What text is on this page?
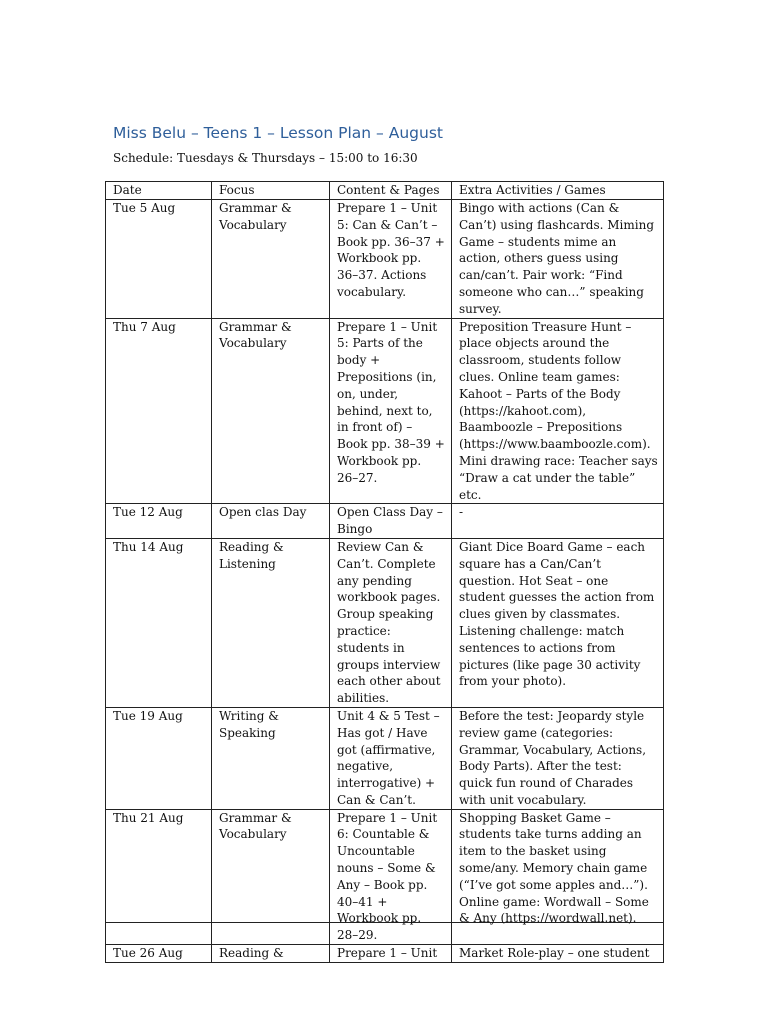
Miss Belu – Teens 1 – Lesson Plan – August

Schedule: Tuesdays & Thursdays – 15:00 to 16:30

Date	Focus	Content & Pages	Extra Activities / Games
Tue 5 Aug	Grammar & Vocabulary	Prepare 1 – Unit 5: Can & Can’t – Book pp. 36–37 + Workbook pp. 36–37. Actions vocabulary.	Bingo with actions (Can & Can’t) using flashcards. Miming Game – students mime an action, others guess using can/can’t. Pair work: “Find someone who can…” speaking survey.
Thu 7 Aug	Grammar & Vocabulary	Prepare 1 – Unit 5: Parts of the body + Prepositions (in, on, under, behind, next to, in front of) – Book pp. 38–39 + Workbook pp. 26–27.	Preposition Treasure Hunt – place objects around the classroom, students follow clues. Online team games: Kahoot – Parts of the Body (https://kahoot.com), Baamboozle – Prepositions (https://www.baamboozle.com). Mini drawing race: Teacher says “Draw a cat under the table” etc.
Tue 12 Aug	Open clas Day	Open Class Day – Bingo	-
Thu 14 Aug	Reading & Listening	Review Can & Can’t. Complete any pending workbook pages. Group speaking practice: students in groups interview each other about abilities.	Giant Dice Board Game – each square has a Can/Can’t question. Hot Seat – one student guesses the action from clues given by classmates. Listening challenge: match sentences to actions from pictures (like page 30 activity from your photo).
Tue 19 Aug	Writing & Speaking	Unit 4 & 5 Test – Has got / Have got (affirmative, negative, interrogative) + Can & Can’t.	Before the test: Jeopardy style review game (categories: Grammar, Vocabulary, Actions, Body Parts). After the test: quick fun round of Charades with unit vocabulary.
Thu 21 Aug	Grammar & Vocabulary	Prepare 1 – Unit 6: Countable & Uncountable nouns – Some & Any – Book pp. 40–41 + Workbook pp. 28–29.	Shopping Basket Game – students take turns adding an item to the basket using some/any. Memory chain game (“I’ve got some apples and…”). Online game: Wordwall – Some & Any (https://wordwall.net).
Tue 26 Aug	Reading &	Prepare 1 – Unit	Market Role-play – one student
